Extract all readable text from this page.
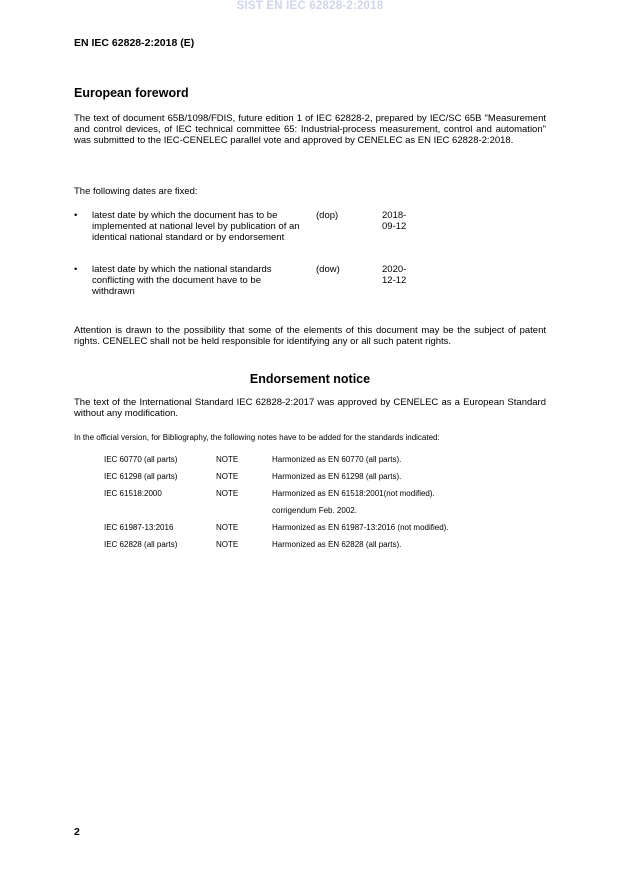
SIST EN IEC 62828-2:2018
EN IEC 62828-2:2018 (E)
European foreword
The text of document 65B/1098/FDIS, future edition 1 of IEC 62828-2, prepared by IEC/SC 65B "Measurement and control devices, of IEC technical committee 65: Industrial-process measurement, control and automation" was submitted to the IEC-CENELEC parallel vote and approved by CENELEC as EN IEC 62828-2:2018.
The following dates are fixed:
• latest date by which the document has to be implemented at national level by publication of an identical national standard or by endorsement
(dop)	2018-09-12
• latest date by which the national standards conflicting with the document have to be withdrawn
(dow)	2020-12-12
Attention is drawn to the possibility that some of the elements of this document may be the subject of patent rights. CENELEC shall not be held responsible for identifying any or all such patent rights.
Endorsement notice
The text of the International Standard IEC 62828-2:2017 was approved by CENELEC as a European Standard without any modification.
In the official version, for Bibliography, the following notes have to be added for the standards indicated:
IEC 60770 (all parts)	NOTE	Harmonized as EN 60770 (all parts).
IEC 61298 (all parts)	NOTE	Harmonized as EN 61298 (all parts).
IEC 61518:2000	NOTE	Harmonized as EN 61518:2001(not modified).
corrigendum Feb. 2002.
IEC 61987-13:2016	NOTE	Harmonized as EN 61987-13:2016 (not modified).
IEC 62828 (all parts)	NOTE	Harmonized as EN 62828 (all parts).
2
